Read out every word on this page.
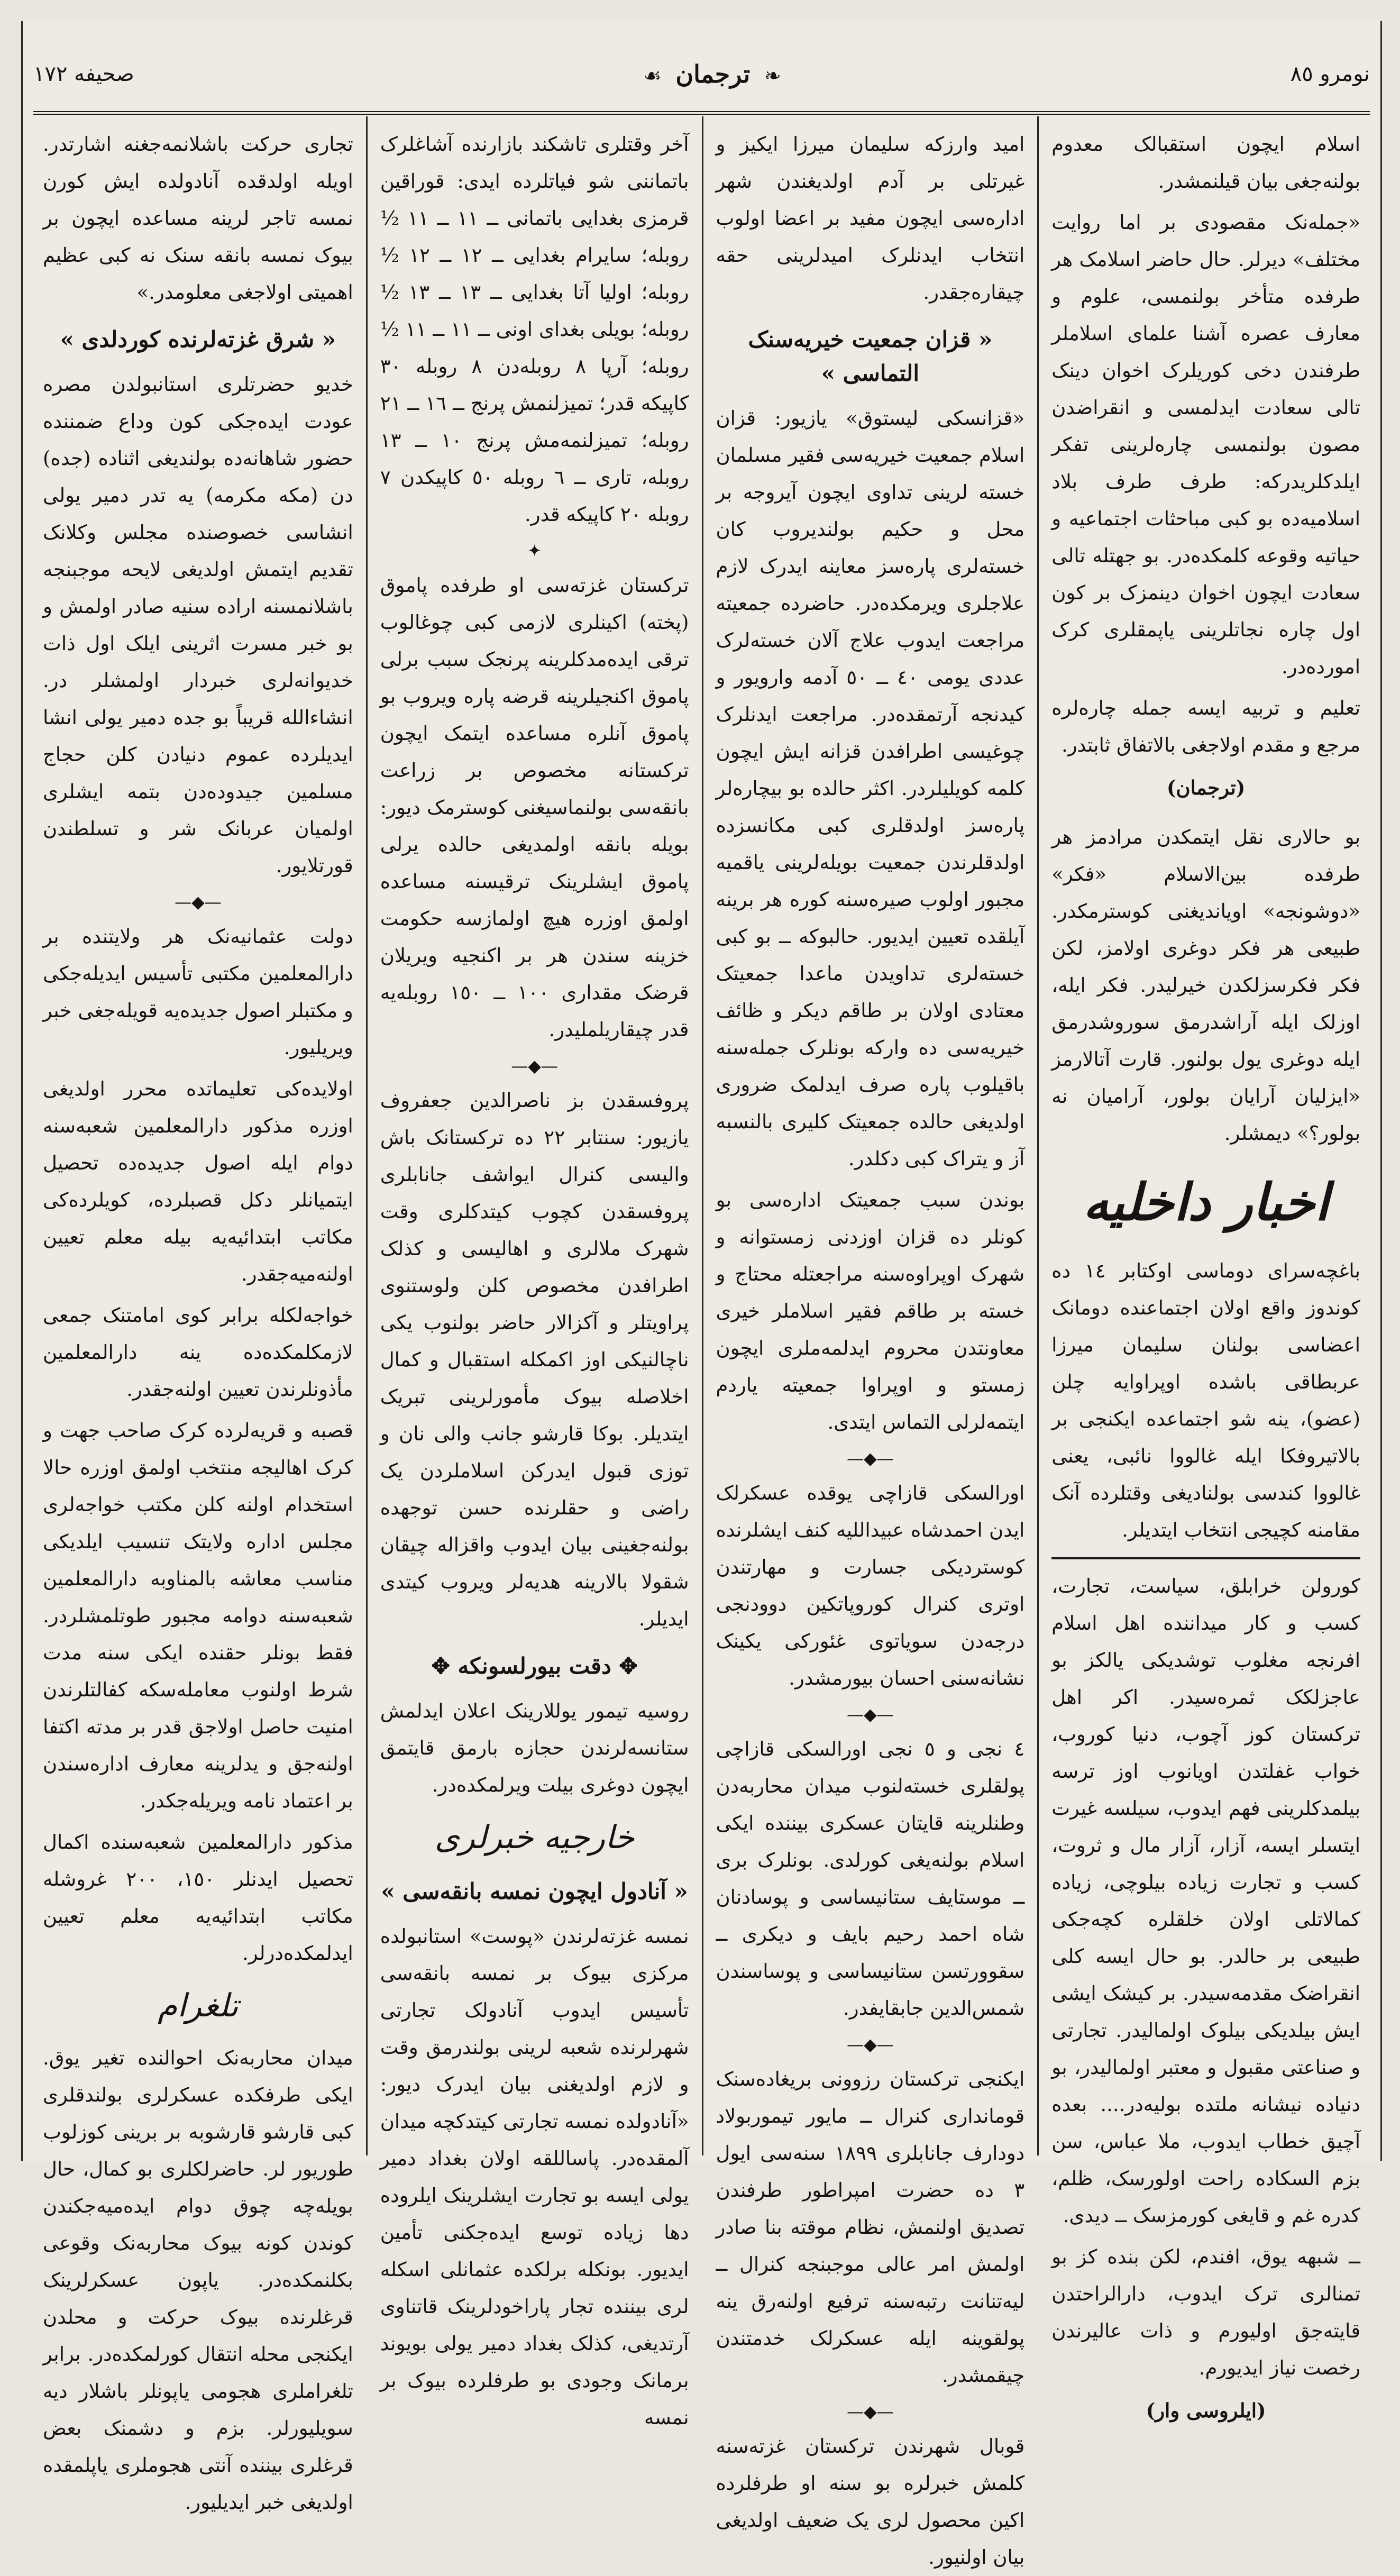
نومرو ٨٥
❧ ترجمان ☙
صحیفه ١٧٢

اسلام ایچون استقبالک معدوم بولنه‌جغی بیان قیلنمشدر.

«جمله‌نک مقصودی بر اما روایت مختلف» دیرلر. حال حاضر اسلامک هر طرفده متأخر بولنمسی، علوم و معارف عصره آشنا علمای اسلاملر طرفندن دخی کوریلرک اخوان دینک تالی سعادت ایدلمسی و انقراضدن مصون بولنمسی چاره‌لرینی تفکر ایلدکلریدرکه: طرف طرف بلاد اسلامیه‌ده بو کبی مباحثات اجتماعیه و حیاتیه وقوعه کلمکده‌در. بو جهتله تالی سعادت ایچون اخوان دینمزک بر کون اول چاره نجاتلرینی یاپمقلری کرک امورده‌در.

تعلیم و تربیه ایسه جمله چاره‌لره مرجع و مقدم اولاجغی بالاتفاق ثابتدر.

(ترجمان)

بو حالاری نقل ایتمکدن مرادمز هر طرفده بین‌الاسلام «فکر» «دوشونجه» اویاندیغنی کوسترمکدر. طبیعی هر فکر دوغری اولامز، لکن فکر فکرسزلکدن خیرلیدر. فکر ایله، اوزلک ایله آراشدرمق سوروشدرمق ایله دوغری یول بولنور. قارت آتالارمز «ایزلیان آرایان بولور، آرامیان نه بولور؟» دیمشلر.

اخبار داخلیه

باغچه‌سرای دوماسی اوکتابر ١٤ ده کوندوز واقع اولان اجتماعنده دومانک اعضاسی بولنان سلیمان میرزا عربطاقی باشده اوپراوایه چلن (عضو)، ینه شو اجتماعده ایکنجی بر بالاتیروفکا ایله غالووا نائبی، یعنی غالووا کندسی بولنادیغی وقتلرده آنک مقامنه کچیجی انتخاب ایتدیلر.

کورولن خرابلق، سیاست، تجارت، کسب و کار میداننده اهل اسلام افرنجه مغلوب توشدیکی یالکز بو عاجزلکک ثمره‌سیدر. اکر اهل ترکستان کوز آچوب، دنیا کوروب، خواب غفلتدن اویانوب اوز ترسه بیلمدکلرینی فهم ایدوب، سیلسه غیرت ایتسلر ایسه، آزار، آزار مال و ثروت، کسب و تجارت زیاده بیلوچی، زیاده کمالاتلی اولان خلقلره کچه‌جکی طبیعی بر حالدر. بو حال ایسه کلی انقراضک مقدمه‌سیدر. بر کیشک ایشی ایش بیلدیکی بیلوک اولمالیدر. تجارتی و صناعتی مقبول و معتبر اولمالیدر، بو دنیاده نیشانه ملتده بولیه‌در.... بعده آچیق خطاب ایدوب، ملا عباس، سن بزم السکاده راحت اولورسک، ظلم، کدره غم و قایغی کورمزسک ــ دیدی.

ــ شبهه یوق، افندم، لکن بنده کز بو تمنالری ترک ایدوب، دارالراحتدن قایته‌جق اولیورم و ذات عالیرندن رخصت نیاز ایدیورم.

(ایلروسی وار)

امید وارزکه سلیمان میرزا ایکیز و غیرتلی بر آدم اولدیغندن شهر ادارەسی ایچون مفید بر اعضا اولوب انتخاب ایدنلرک امیدلرینی حقه چیقاره‌جقدر.

« قزان جمعیت خیریه‌سنک التماسی »

«قزانسکی لیستوق» یازیور: قزان اسلام جمعیت خیریه‌سی فقیر مسلمان خسته لرینی تداوی ایچون آیروجه بر محل و حکیم بولندیروب کان خسته‌لری پاره‌سز معاینه ایدرک لازم علاجلری ویرمکده‌در. حاضرده جمعیته مراجعت ایدوب علاج آلان خسته‌لرک عددی یومی ٤٠ ــ ٥٠ آدمه وارویور و کیدنجه آرتمقده‌در. مراجعت ایدنلرک چوغیسی اطرافدن قزانه ایش ایچون کلمه کویلیلردر. اکثر حالده بو بیچاره‌لر پاره‌سز اولدقلری کبی مکانسزده اولدقلرندن جمعیت بویله‌لرینی یاقمیه مجبور اولوب صیره‌سنه کوره هر برینه آیلقده تعیین ایدیور. حالبوکه ــ بو کبی خسته‌لری تداویدن ماعدا جمعیتک معتادی اولان بر طاقم دیکر و ظائف خیریه‌سی ده وارکه بونلرک جمله‌سنه باقیلوب پاره صرف ایدلمک ضروری اولدیغی حالده جمعیتک کلیری بالنسبه آز و یتراک کبی دکلدر.

بوندن سبب جمعیتک ادارەسی بو کونلر ده قزان اوزدنی زمستوانه و شهرک اوپراوه‌سنه مراجعتله محتاج و خسته بر طاقم فقیر اسلاملر خیری معاونتدن محروم ایدلمه‌ملری ایچون زمستو و اوپراوا جمعیته یاردم ایتمه‌لرلی التماس ایتدی.

—◆—

اورالسکی قازاچی یوقده عسکرلک ایدن احمدشاه عبیداللیه کنف ایشلرنده کوستردیکی جسارت و مهارتندن اوتری کنرال کوروپاتکین دوودنجی درجه‌دن سویاتوی غئورکی یکینک نشانه‌سنی احسان بیورمشدر.

—◆—

٤ نجی و ٥ نجی اورالسکی قازاچی پولقلری خسته‌لنوب میدان محاربه‌دن وطنلرینه قایتان عسکری بیننده ایکی اسلام بولنه‌یغی کورلدی. بونلرک بری ــ موستایف ستانیساسی و پوسادنان شاه احمد رحیم بایف و دیکری ــ سقوورتسن ستانیساسی و پوساسندن شمس‌الدین جابقایفدر.

—◆—

ایکنجی ترکستان رزوونی بریغاده‌سنک قومانداری کنرال ــ مایور تیموربولاد دودارف جانابلری ١٨٩٩ سنه‌سی ایول ٣ ده حضرت امپراطور طرفندن تصدیق اولنمش، نظام موقته بنا صادر اولمش امر عالی موجبنجه کنرال ــ لیه‌تنانت رتبه‌سنه ترفیع اولنەرق ینه پولقوینه ایله عسکرلک خدمتندن چیقمشدر.

—◆—

قوبال شهرندن ترکستان غزته‌سنه کلمش خبرلره بو سنه او طرفلرده اکین محصول لری یک ضعیف اولدیغی بیان اولنیور.

آخر وقتلری تاشکند بازارنده آشاغلرک باتماننی شو فیاتلرده ایدی: قوراقین قرمزی بغدایی باتمانی ــ ١١ ــ ١١ ½ روبله؛ سایرام بغدایی ــ ١٢ ــ ١٢ ½ روبله؛ اولیا آتا بغدایی ــ ١٣ ــ ١٣ ½ روبله؛ بویلی بغدای اونی ــ ١١ ــ ١١ ½ روبله؛ آرپا ٨ روبله‌دن ٨ روبله ٣٠ کاپیکه قدر؛ تمیزلنمش پرنج ــ ١٦ ــ ٢١ روبله؛ تمیزلنمه‌مش پرنج ١٠ ــ ١٣ روبله، تاری ــ ٦ روبله ٥٠ کاپیکدن ٧ روبله ٢٠ کاپیکه قدر.

✦

ترکستان غزته‌سی او طرفده پاموق (پخته) اکینلری لازمی کبی چوغالوب ترقی ایده‌مدکلرینه پرنجک سبب برلی پاموق اکنجیلرینه قرضه پاره ویروب بو پاموق آنلره مساعده ایتمک ایچون ترکستانه مخصوص بر زراعت بانقه‌سی بولنماسیغنی کوسترمک دیور: بویله بانقه اولمدیغی حالده یرلی پاموق ایشلرینک ترقیسنه مساعده اولمق اوزره هیچ اولمازسه حکومت خزینه سندن هر بر اکنجیه ویریلان قرضک مقداری ١٠٠ ــ ١٥٠ روبله‌یه قدر چیقاریلملیدر.

—◆—

پروفسقدن بز ناصرالدین جعفروف یازیور: سنتابر ٢٢ ده ترکستانک باش والیسی کنرال ایواشف جانابلری پروفسقدن کچوب کیتدکلری وقت شهرک ملالری و اهالیسی و کذلک اطرافدن مخصوص کلن ولوستنوی پراویتلر و آکزالار حاضر بولنوب یکی ناچالنیکی اوز اکمکله استقبال و کمال اخلاصله بیوک مأمورلرینی تبریک ایتدیلر. بوکا قارشو جانب والی نان و توزی قبول ایدرکن اسلاملردن یک راضی و حقلرنده حسن توجهده بولنه‌جغینی بیان ایدوب واقزاله چیقان شقولا بالارینه هدیەلر ویروب کیتدی ایدیلر.

✥ دقت بیورلسونکه ✥

روسیه تیمور یوللارینک اعلان ایدلمش ستانسه‌لرندن حجازه بارمق قایتمق ایچون دوغری بیلت ویرلمکده‌در.

خارجیه خبرلری
« آنادول ایچون نمسه بانقه‌سی »

نمسه غزته‌لرندن «پوست» استانبولده مرکزی بیوک بر نمسه بانقه‌سی تأسیس ایدوب آنادولک تجارتی شهرلرنده شعبه لرینی بولندرمق وقت و لازم اولدیغنی بیان ایدرک دیور: «آنادولده نمسه تجارتی کیتدکچه میدان آلمقده‌در. پاساللقه اولان بغداد دمیر یولی ایسه بو تجارت ایشلرینک ایلروده دها زیاده توسع ایده‌جکنی تأمین ایدیور. بونکله برلکده عثمانلی اسکله لری بیننده تجار پاراخودلرینک قاتناوی آرتدیغی، کذلک بغداد دمیر یولی بویوند برمانک وجودی بو طرفلرده بیوک بر نمسه

تجاری حرکت باشلانمه‌جغنه اشارتدر. اویله اولدقده آنادولده ایش کورن نمسه تاجر لرینه مساعده ایچون بر بیوک نمسه بانقه سنک نه کبی عظیم اهمیتی اولاجغی معلومدر.»

« شرق غزته‌لرنده کوردلدی »

خدیو حضرتلری استانبولدن مصره عودت ایده‌جکی کون وداع ضمننده حضور شاهانه‌ده بولندیغی اثناده (جده) دن (مکه مکرمه) یه تدر دمیر یولی انشاسی خصوصنده مجلس وکلانک تقدیم ایتمش اولدیغی لایحه موجبنجه باشلانمسنه اراده سنیه صادر اولمش و بو خبر مسرت اثرینی ایلک اول ذات خدیوانەلری خبردار اولمشلر در. انشاءالله قریباً بو جده دمیر یولی انشا ایدیلرده عموم دنیادن کلن حجاج مسلمین جیدوده‌دن بتمه ایشلری اولمیان عربانک شر و تسلطندن قورتلایور.

—◆—

دولت عثمانیه‌نک هر ولایتنده بر دارالمعلمین مکتبی تأسیس ایدیله‌جکی و مکتبلر اصول جدیده‌یه قویله‌جغی خبر ویریلیور.

اولایده‌کی تعلیماتده محرر اولدیغی اوزره مذکور دارالمعلمین شعبه‌سنه دوام ایله اصول جدیده‌ده تحصیل ایتمیانلر دکل قصبلرده، کویلرده‌کی مکاتب ابتدائیه‌یه بیله معلم تعیین اولنه‌میه‌جقدر.

خواجه‌لکله برابر کوی امامتنک جمعی لازمکلمکده‌ده ینه دارالمعلمین مأذونلرندن تعیین اولنه‌جقدر.

قصبه و قریەلرده کرک صاحب جهت و کرک اهالیجه منتخب اولمق اوزره حالا استخدام اولنه کلن مکتب خواجەلری مجلس ادارە ولایتک تنسیب ایلدیکی مناسب معاشه بالمناوبه دارالمعلمین شعبه‌سنه دوامه مجبور طوتلمشلردر. فقط بونلر حقنده ایکی سنه مدت شرط اولنوب معاملەسکه کفالتلرندن امنیت حاصل اولاجق قدر بر مدته اکتفا اولنه‌جق و یدلرینه معارف ادارەسندن بر اعتماد نامه ویریله‌جکدر.

مذکور دارالمعلمین شعبه‌سنده اکمال تحصیل ایدنلر ١٥٠، ٢٠٠ غروشله مکاتب ابتدائیه‌یه معلم تعیین ایدلمکده‌درلر.

تلغرام

میدان محاربه‌نک احوالنده تغیر یوق. ایکی طرفکده عسکرلری بولندقلری کبی قارشو قارشوبه بر برینی کوزلوب طوریور لر. حاضرلکلری بو کمال، حال بویله‌چه چوق دوام ایده‌میه‌جکندن کوندن کونه بیوک محاربه‌نک وقوعی بکلنمکده‌در. یاپون عسکرلرینک قرغلرنده بیوک حرکت و محلدن ایکنجی محله انتقال کورلمکده‌در. برابر تلغراملری هجومی یاپونلر باشلار دیه سویلیورلر. بزم و دشمنک بعض قرغلری بیننده آنتی هجوملری یاپلمقده اولدیغی خبر ایدیلیور.
